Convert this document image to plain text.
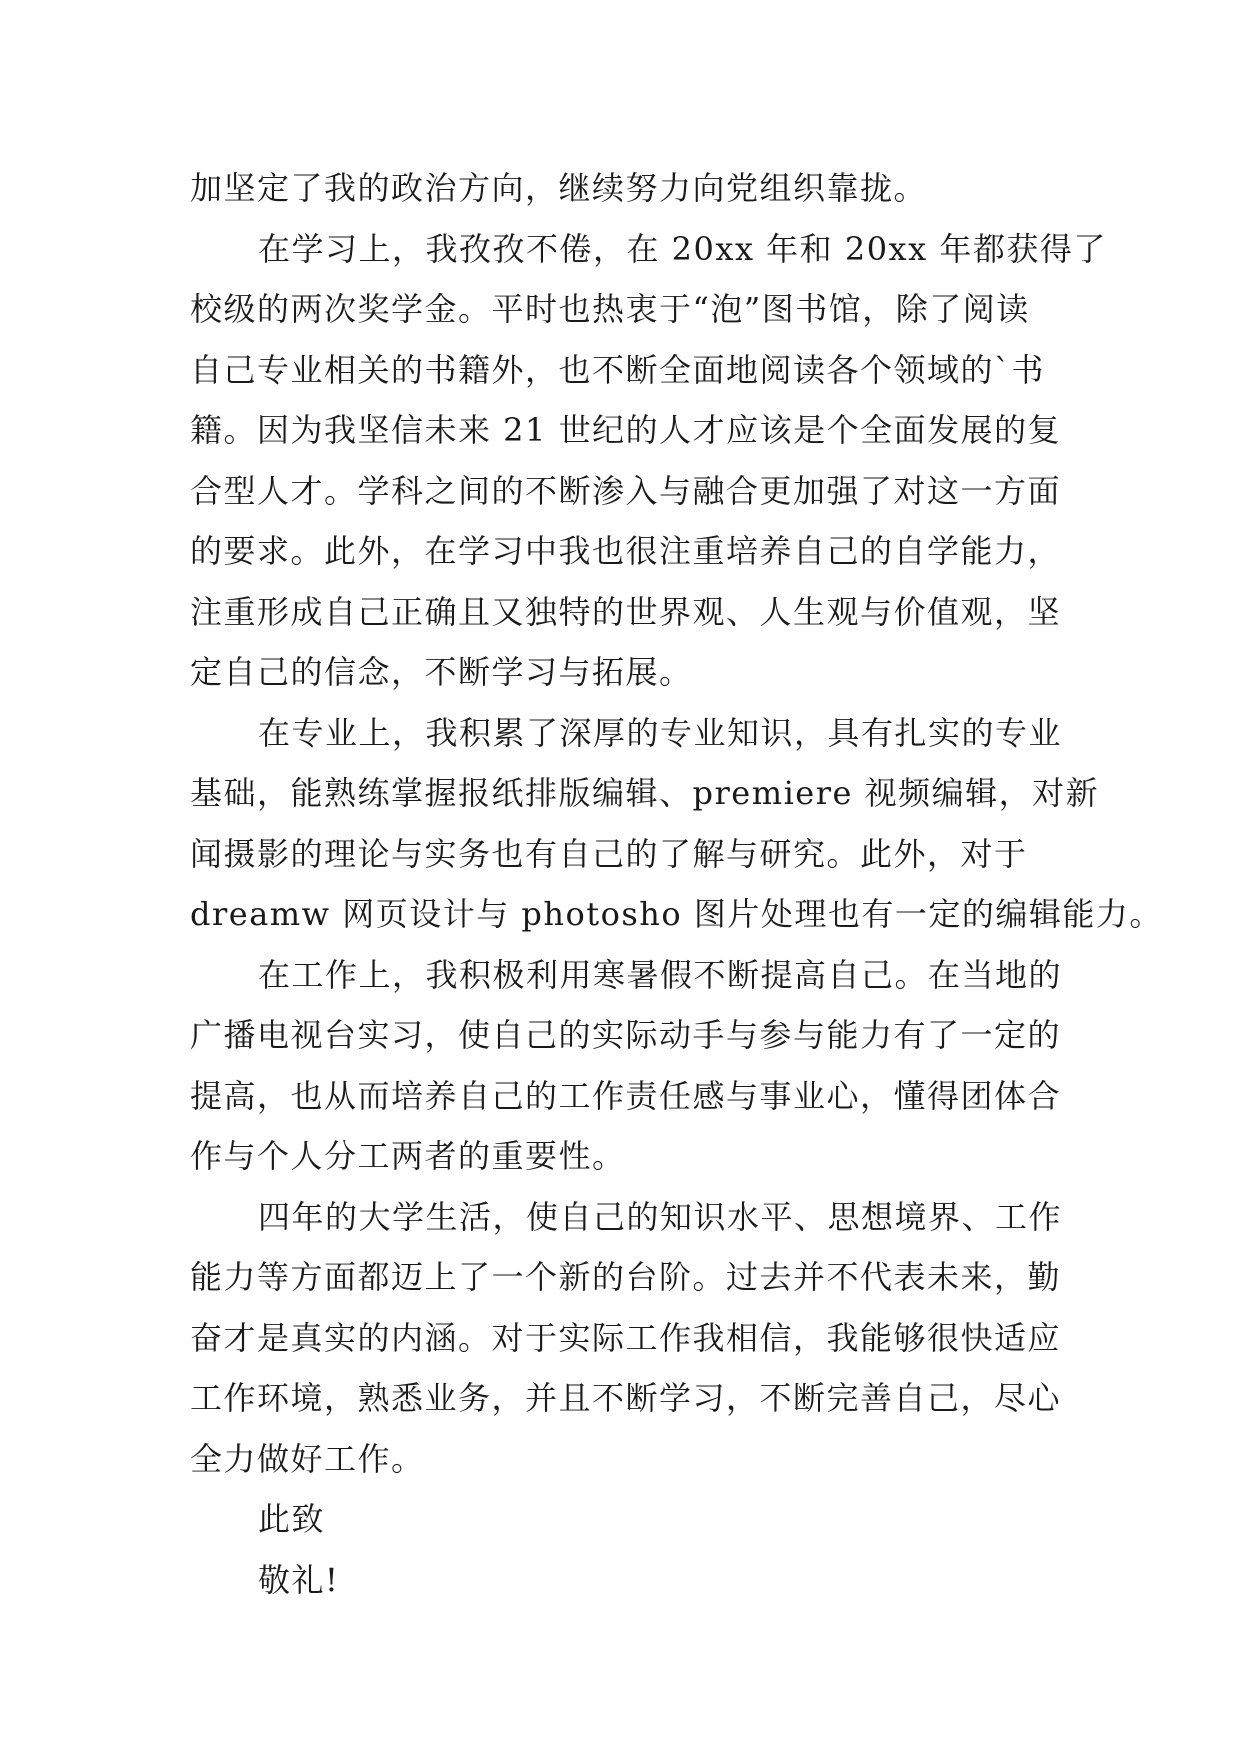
加坚定了我的政治方向，继续努力向党组织靠拢。
在学习上，我孜孜不倦，在 20xx 年和 20xx 年都获得了
校级的两次奖学金。平时也热衷于“泡”图书馆，除了阅读
自己专业相关的书籍外，也不断全面地阅读各个领域的`书
籍。因为我坚信未来 21 世纪的人才应该是个全面发展的复
合型人才。学科之间的不断渗入与融合更加强了对这一方面
的要求。此外，在学习中我也很注重培养自己的自学能力，
注重形成自己正确且又独特的世界观、人生观与价值观，坚
定自己的信念，不断学习与拓展。
在专业上，我积累了深厚的专业知识，具有扎实的专业
基础，能熟练掌握报纸排版编辑、premiere 视频编辑，对新
闻摄影的理论与实务也有自己的了解与研究。此外，对于
dreamw 网页设计与 photosho 图片处理也有一定的编辑能力。
在工作上，我积极利用寒暑假不断提高自己。在当地的
广播电视台实习，使自己的实际动手与参与能力有了一定的
提高，也从而培养自己的工作责任感与事业心，懂得团体合
作与个人分工两者的重要性。
四年的大学生活，使自己的知识水平、思想境界、工作
能力等方面都迈上了一个新的台阶。过去并不代表未来，勤
奋才是真实的内涵。对于实际工作我相信，我能够很快适应
工作环境，熟悉业务，并且不断学习，不断完善自己，尽心
全力做好工作。
此致
敬礼!
